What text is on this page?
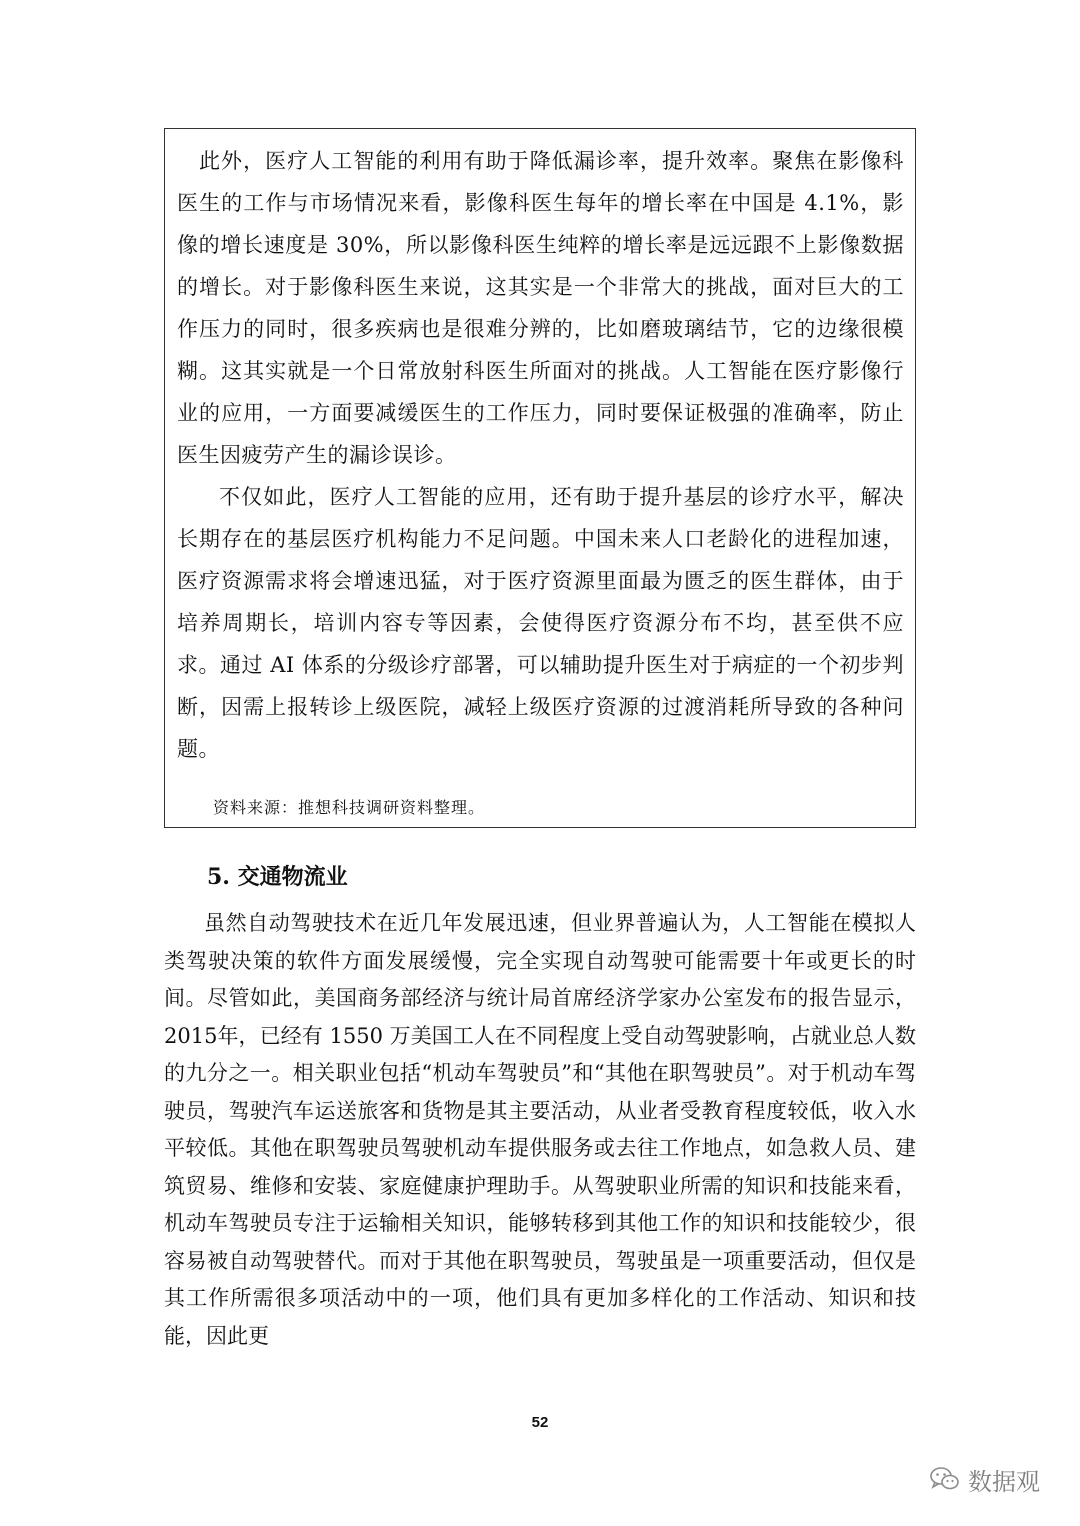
此外，医疗人工智能的利用有助于降低漏诊率，提升效率。聚焦在影像科医生的工作与市场情况来看，影像科医生每年的增长率在中国是 4.1%，影像的增长速度是 30%，所以影像科医生纯粹的增长率是远远跟不上影像数据的增长。对于影像科医生来说，这其实是一个非常大的挑战，面对巨大的工作压力的同时，很多疾病也是很难分辨的，比如磨玻璃结节，它的边缘很模糊。这其实就是一个日常放射科医生所面对的挑战。人工智能在医疗影像行业的应用，一方面要减缓医生的工作压力，同时要保证极强的准确率，防止医生因疲劳产生的漏诊误诊。

不仅如此，医疗人工智能的应用，还有助于提升基层的诊疗水平，解决长期存在的基层医疗机构能力不足问题。中国未来人口老龄化的进程加速，医疗资源需求将会增速迅猛，对于医疗资源里面最为匮乏的医生群体，由于培养周期长，培训内容专等因素，会使得医疗资源分布不均，甚至供不应求。通过 AI 体系的分级诊疗部署，可以辅助提升医生对于病症的一个初步判断，因需上报转诊上级医院，减轻上级医疗资源的过渡消耗所导致的各种问题。

资料来源：推想科技调研资料整理。

5. 交通物流业

虽然自动驾驶技术在近几年发展迅速，但业界普遍认为，人工智能在模拟人类驾驶决策的软件方面发展缓慢，完全实现自动驾驶可能需要十年或更长的时间。尽管如此，美国商务部经济与统计局首席经济学家办公室发布的报告显示，2015年，已经有 1550 万美国工人在不同程度上受自动驾驶影响，占就业总人数的九分之一。相关职业包括“机动车驾驶员”和“其他在职驾驶员”。对于机动车驾驶员，驾驶汽车运送旅客和货物是其主要活动，从业者受教育程度较低，收入水平较低。其他在职驾驶员驾驶机动车提供服务或去往工作地点，如急救人员、建筑贸易、维修和安装、家庭健康护理助手。从驾驶职业所需的知识和技能来看，机动车驾驶员专注于运输相关知识，能够转移到其他工作的知识和技能较少，很容易被自动驾驶替代。而对于其他在职驾驶员，驾驶虽是一项重要活动，但仅是其工作所需很多项活动中的一项，他们具有更加多样化的工作活动、知识和技能，因此更

52

数据观
